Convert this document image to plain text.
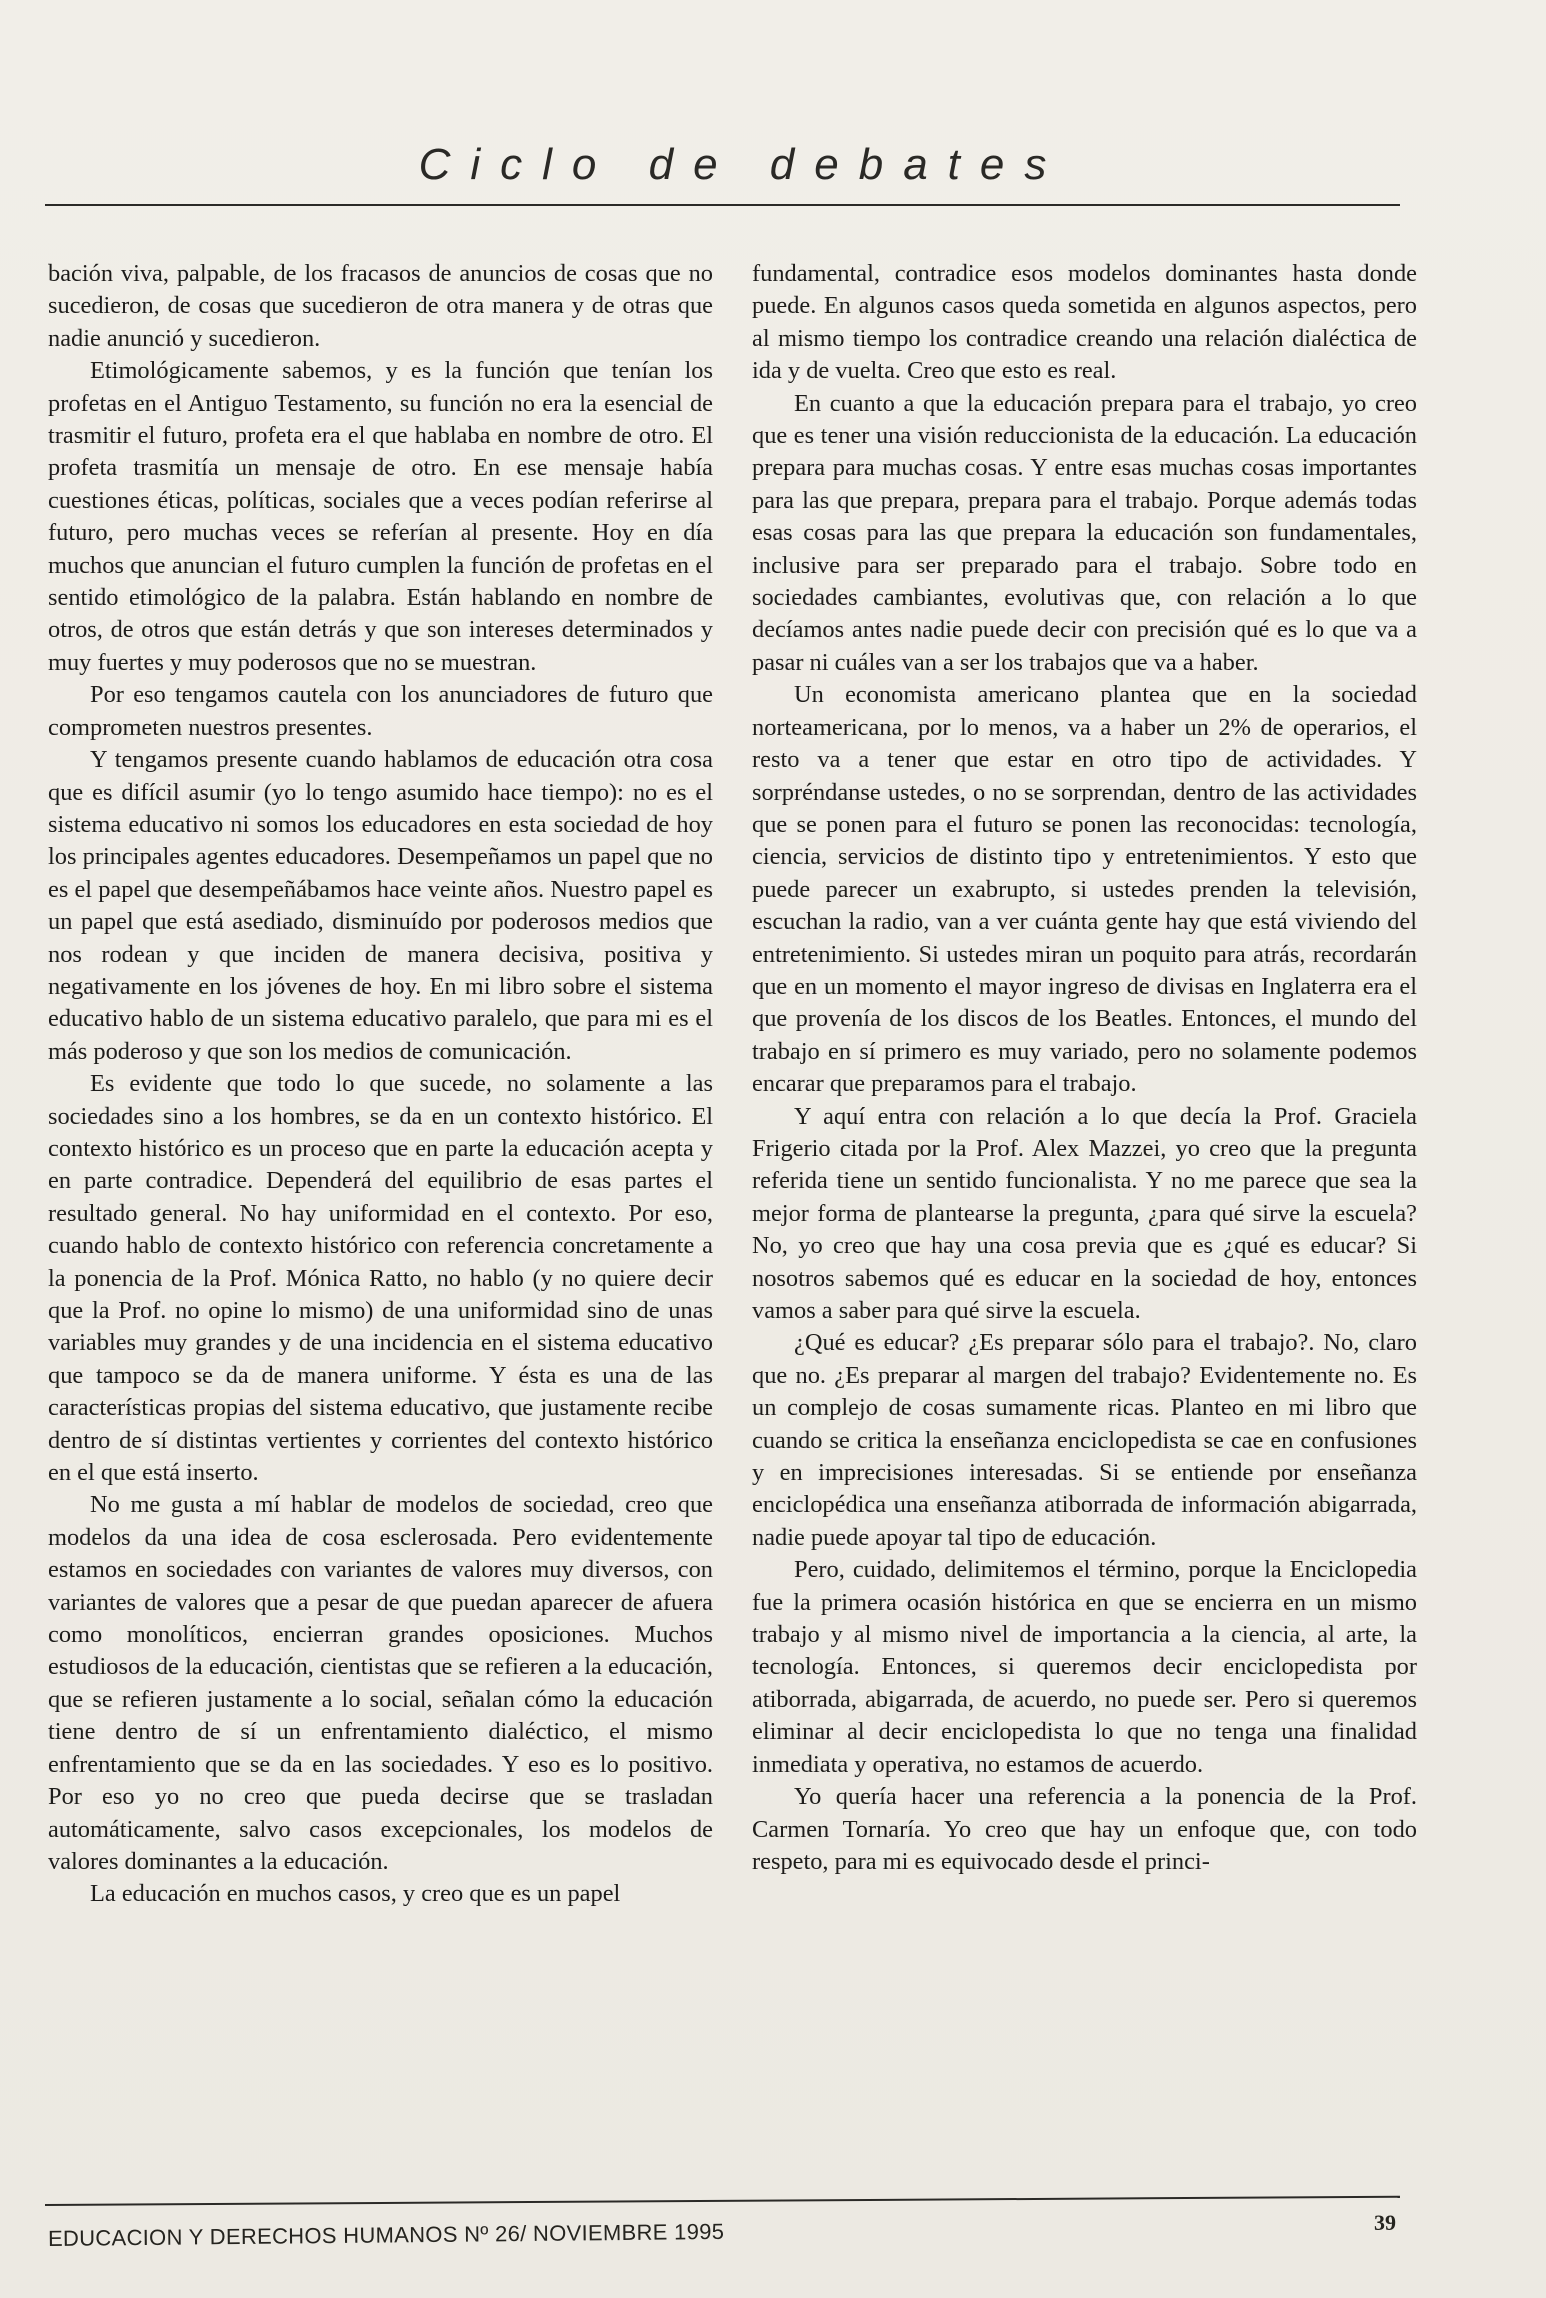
Ciclo de debates

bación viva, palpable, de los fracasos de anuncios de cosas que no sucedieron, de cosas que sucedieron de otra manera y de otras que nadie anunció y sucedieron.

Etimológicamente sabemos, y es la función que tenían los profetas en el Antiguo Testamento, su función no era la esencial de trasmitir el futuro, profeta era el que hablaba en nombre de otro. El profeta trasmitía un mensaje de otro. En ese mensaje había cuestiones éticas, políticas, sociales que a veces podían referirse al futuro, pero muchas veces se referían al presente. Hoy en día muchos que anuncian el futuro cumplen la función de profetas en el sentido etimológico de la palabra. Están hablando en nombre de otros, de otros que están detrás y que son intereses determinados y muy fuertes y muy poderosos que no se muestran.

Por eso tengamos cautela con los anunciadores de futuro que comprometen nuestros presentes.

Y tengamos presente cuando hablamos de educación otra cosa que es difícil asumir (yo lo tengo asumido hace tiempo): no es el sistema educativo ni somos los educadores en esta sociedad de hoy los principales agentes educadores. Desempeñamos un papel que no es el papel que desempeñábamos hace veinte años. Nuestro papel es un papel que está asediado, disminuído por poderosos medios que nos rodean y que inciden de manera decisiva, positiva y negativamente en los jóvenes de hoy. En mi libro sobre el sistema educativo hablo de un sistema educativo paralelo, que para mi es el más poderoso y que son los medios de comunicación.

Es evidente que todo lo que sucede, no solamente a las sociedades sino a los hombres, se da en un contexto histórico. El contexto histórico es un proceso que en parte la educación acepta y en parte contradice. Dependerá del equilibrio de esas partes el resultado general. No hay uniformidad en el contexto. Por eso, cuando hablo de contexto histórico con referencia concretamente a la ponencia de la Prof. Mónica Ratto, no hablo (y no quiere decir que la Prof. no opine lo mismo) de una uniformidad sino de unas variables muy grandes y de una incidencia en el sistema educativo que tampoco se da de manera uniforme. Y ésta es una de las características propias del sistema educativo, que justamente recibe dentro de sí distintas vertientes y corrientes del contexto histórico en el que está inserto.

No me gusta a mí hablar de modelos de sociedad, creo que modelos da una idea de cosa esclerosada. Pero evidentemente estamos en sociedades con variantes de valores muy diversos, con variantes de valores que a pesar de que puedan aparecer de afuera como monolíticos, encierran grandes oposiciones. Muchos estudiosos de la educación, cientistas que se refieren a la educación, que se refieren justamente a lo social, señalan cómo la educación tiene dentro de sí un enfrentamiento dialéctico, el mismo enfrentamiento que se da en las sociedades. Y eso es lo positivo. Por eso yo no creo que pueda decirse que se trasladan automáticamente, salvo casos excepcionales, los modelos de valores dominantes a la educación.

La educación en muchos casos, y creo que es un papel

fundamental, contradice esos modelos dominantes hasta donde puede. En algunos casos queda sometida en algunos aspectos, pero al mismo tiempo los contradice creando una relación dialéctica de ida y de vuelta. Creo que esto es real.

En cuanto a que la educación prepara para el trabajo, yo creo que es tener una visión reduccionista de la educación. La educación prepara para muchas cosas. Y entre esas muchas cosas importantes para las que prepara, prepara para el trabajo. Porque además todas esas cosas para las que prepara la educación son fundamentales, inclusive para ser preparado para el trabajo. Sobre todo en sociedades cambiantes, evolutivas que, con relación a lo que decíamos antes nadie puede decir con precisión qué es lo que va a pasar ni cuáles van a ser los trabajos que va a haber.

Un economista americano plantea que en la sociedad norteamericana, por lo menos, va a haber un 2% de operarios, el resto va a tener que estar en otro tipo de actividades. Y sorpréndanse ustedes, o no se sorprendan, dentro de las actividades que se ponen para el futuro se ponen las reconocidas: tecnología, ciencia, servicios de distinto tipo y entretenimientos. Y esto que puede parecer un exabrupto, si ustedes prenden la televisión, escuchan la radio, van a ver cuánta gente hay que está viviendo del entretenimiento. Si ustedes miran un poquito para atrás, recordarán que en un momento el mayor ingreso de divisas en Inglaterra era el que provenía de los discos de los Beatles. Entonces, el mundo del trabajo en sí primero es muy variado, pero no solamente podemos encarar que preparamos para el trabajo.

Y aquí entra con relación a lo que decía la Prof. Graciela Frigerio citada por la Prof. Alex Mazzei, yo creo que la pregunta referida tiene un sentido funcionalista. Y no me parece que sea la mejor forma de plantearse la pregunta, ¿para qué sirve la escuela? No, yo creo que hay una cosa previa que es ¿qué es educar? Si nosotros sabemos qué es educar en la sociedad de hoy, entonces vamos a saber para qué sirve la escuela.

¿Qué es educar? ¿Es preparar sólo para el trabajo?. No, claro que no. ¿Es preparar al margen del trabajo? Evidentemente no. Es un complejo de cosas sumamente ricas. Planteo en mi libro que cuando se critica la enseñanza enciclopedista se cae en confusiones y en imprecisiones interesadas. Si se entiende por enseñanza enciclopédica una enseñanza atiborrada de información abigarrada, nadie puede apoyar tal tipo de educación.

Pero, cuidado, delimitemos el término, porque la Enciclopedia fue la primera ocasión histórica en que se encierra en un mismo trabajo y al mismo nivel de importancia a la ciencia, al arte, la tecnología. Entonces, si queremos decir enciclopedista por atiborrada, abigarrada, de acuerdo, no puede ser. Pero si queremos eliminar al decir enciclopedista lo que no tenga una finalidad inmediata y operativa, no estamos de acuerdo.

Yo quería hacer una referencia a la ponencia de la Prof. Carmen Tornaría. Yo creo que hay un enfoque que, con todo respeto, para mi es equivocado desde el princi-

EDUCACION Y DERECHOS HUMANOS Nº 26/ NOVIEMBRE 1995	39
